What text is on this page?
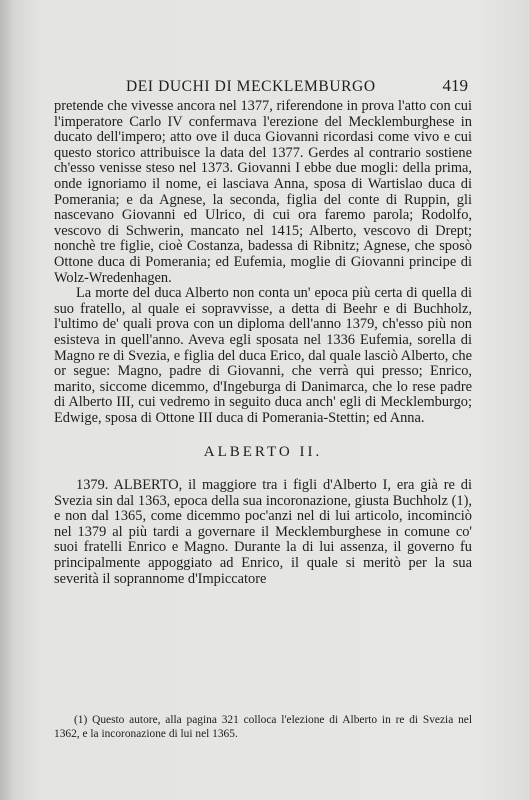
DEI DUCHI DI MECKLEMBURGO	419

pretende che vivesse ancora nel 1377, riferendone in prova l'atto con cui l'imperatore Carlo IV confermava l'erezione del Mecklemburghese in ducato dell'impero; atto ove il duca Giovanni ricordasi come vivo e cui questo storico attribuisce la data del 1377. Gerdes al contrario sostiene ch'esso venisse steso nel 1373. Giovanni I ebbe due mogli: della prima, onde ignoriamo il nome, ei lasciava Anna, sposa di Wartislao duca di Pomerania; e da Agnese, la seconda, figlia del conte di Ruppin, gli nascevano Giovanni ed Ulrico, di cui ora faremo parola; Rodolfo, vescovo di Schwerin, mancato nel 1415; Alberto, vescovo di Drept; nonchè tre figlie, cioè Costanza, badessa di Ribnitz; Agnese, che sposò Ottone duca di Pomerania; ed Eufemia, moglie di Giovanni principe di Wolz-Wredenhagen.

La morte del duca Alberto non conta un' epoca più certa di quella di suo fratello, al quale ei sopravvisse, a detta di Beehr e di Buchholz, l'ultimo de' quali prova con un diploma dell'anno 1379, ch'esso più non esisteva in quell'anno. Aveva egli sposata nel 1336 Eufemia, sorella di Magno re di Svezia, e figlia del duca Erico, dal quale lasciò Alberto, che or segue: Magno, padre di Giovanni, che verrà qui presso; Enrico, marito, siccome dicemmo, d'Ingeburga di Danimarca, che lo rese padre di Alberto III, cui vedremo in seguito duca anch' egli di Mecklemburgo; Edwige, sposa di Ottone III duca di Pomerania-Stettin; ed Anna.

ALBERTO II.

1379. ALBERTO, il maggiore tra i figli d'Alberto I, era già re di Svezia sin dal 1363, epoca della sua incoronazione, giusta Buchholz (1), e non dal 1365, come dicemmo poc'anzi nel di lui articolo, incominciò nel 1379 al più tardi a governare il Mecklemburghese in comune co' suoi fratelli Enrico e Magno. Durante la di lui assenza, il governo fu principalmente appoggiato ad Enrico, il quale si meritò per la sua severità il soprannome d'Impiccatore

(1) Questo autore, alla pagina 321 colloca l'elezione di Alberto in re di Svezia nel 1362, e la incoronazione di lui nel 1365.
